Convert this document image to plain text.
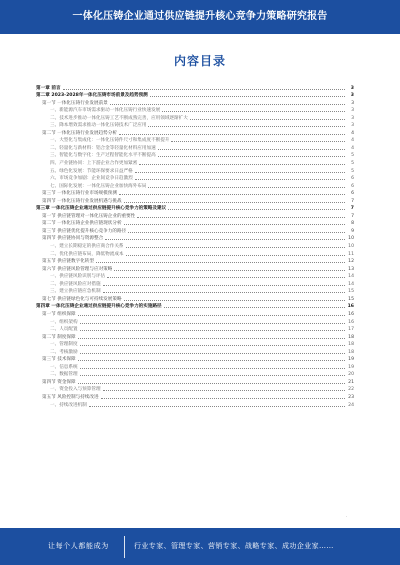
一体化压铸企业通过供应链提升核心竞争力策略研究报告
内容目录
第一章 前言	3
第二章 2023-2028年一体化压铸市场前景及趋势预测	3
第一节 一体化压铸行业发展前景	3
一、新能源汽车市场需求驱动一体化压铸行业快速发展	3
二、技术进步推动一体化压铸工艺不断成熟完善，应用领域逐渐扩大	3
三、降本增效需求推动一体化压铸技术广泛应用	3
第二节 一体化压铸行业发展趋势分析	4
一、大型化与集成化：一体化压铸件尺寸和集成度不断提升	4
二、轻量化与新材料：铝合金等轻量化材料应用加速	4
三、智能化与数字化：生产过程智能化水平不断提高	5
四、产业链协同：上下游企业合作更加紧密	5
五、绿色化发展：节能环保要求日益严格	5
六、市场竞争加剧：企业间竞争日趋激烈	6
七、国际化发展：一体化压铸企业加快海外布局	6
第三节 一体化压铸行业市场规模预测	6
第四节 一体化压铸行业发展机遇与挑战	7
第三章 一体化压铸企业通过供应链提升核心竞争力的策略及建议	7
第一节 供应链管理对一体化压铸企业的重要性	7
第二节 一体化压铸企业供应链现状分析	8
第三节 供应链优化提升核心竞争力的路径	9
第四节 供应链协同与资源整合	10
一、建立长期稳定的供应商合作关系	10
二、优化供应链布局，降低物流成本	11
第五节 供应链数字化转型	12
第六节 供应链风险管理与应对策略	13
一、供应链风险识别与评估	14
二、供应链风险应对措施	14
三、建立供应链应急机制	15
第七节 供应链绿色化与可持续发展策略	15
第四章 一体化压铸企业通过供应链提升核心竞争力的实施路径	16
第一节 组织保障	16
一、组织架构	16
二、人员配置	17
第二节 制度保障	18
一、管理制度	18
二、考核激励	18
第三节 技术保障	19
一、信息系统	19
二、数据管理	20
第四节 资金保障	21
一、资金投入与预算管理	22
第五节 风险控制与持续改进	23
一、持续改进机制	24
·
让每个人都能成为	行业专家、管理专家、营销专家、战略专家、成功企业家……
